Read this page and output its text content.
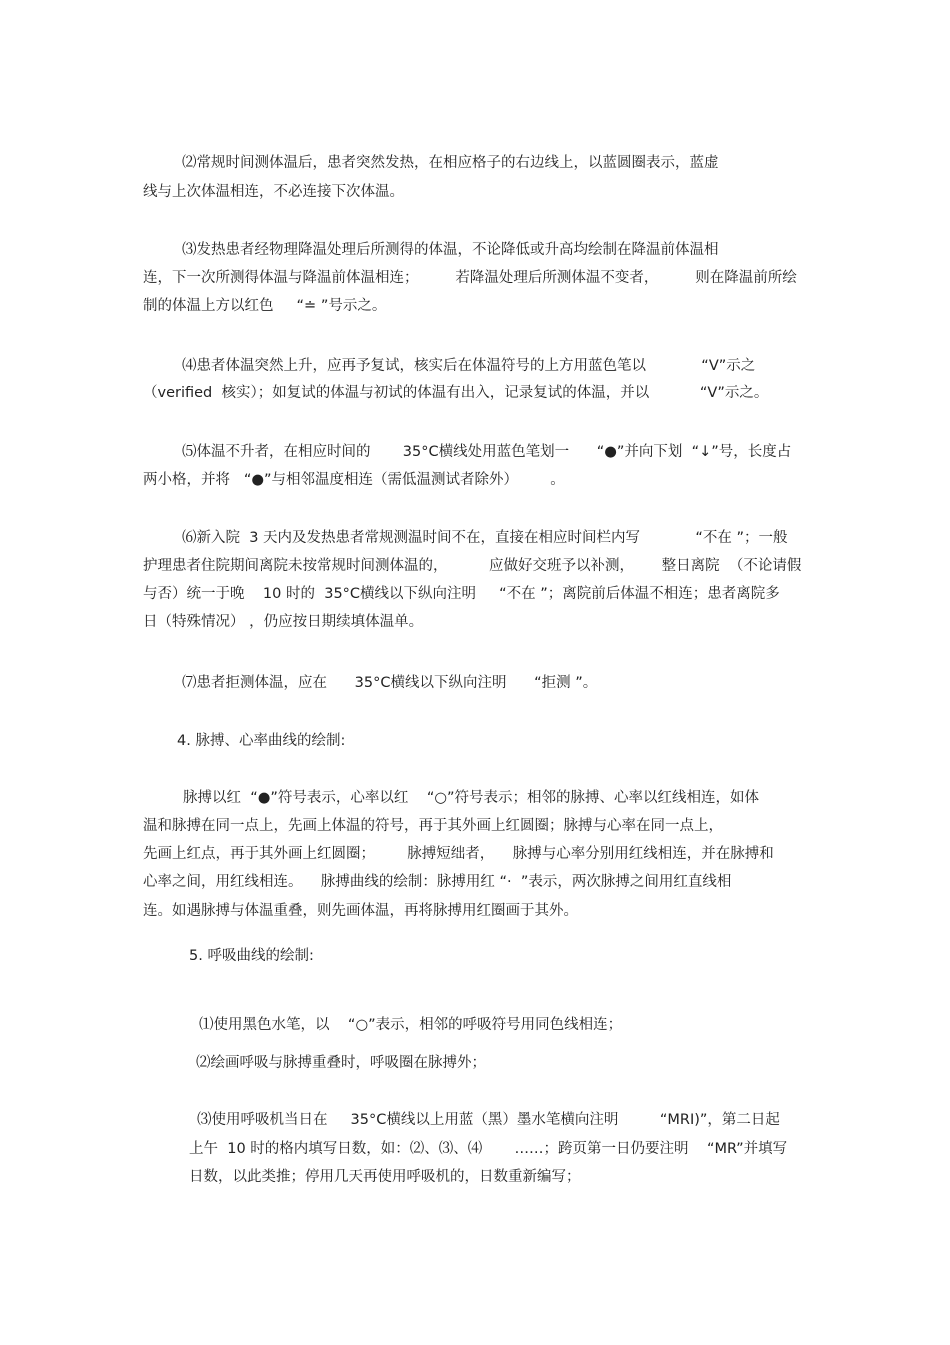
⑵常规时间测体温后，患者突然发热，在相应格子的右边线上，以蓝圆圈表示，蓝虚
线与上次体温相连，不必连接下次体温。
⑶发热患者经物理降温处理后所测得的体温，不论降低或升高均绘制在降温前体温相
连，下一次所测得体温与降温前体温相连；        若降温处理后所测体温不变者，        则在降温前所绘
制的体温上方以红色     “≐ ”号示之。
⑷患者体温突然上升，应再予复试，核实后在体温符号的上方用蓝色笔以            “V”示之
（verified  核实）；如复试的体温与初试的体温有出入，记录复试的体温，并以           “V”示之。
⑸体温不升者，在相应时间的       35°C横线处用蓝色笔划一      “●”并向下划  “↓”号，长度占
两小格，并将   “●”与相邻温度相连（需低温测试者除外）       。
⑹新入院  3 天内及发热患者常规测温时间不在，直接在相应时间栏内写            “不在 ”；一般
护理患者住院期间离院未按常规时间测体温的，         应做好交班予以补测，      整日离院  （不论请假
与否）统一于晚    10 时的  35°C横线以下纵向注明     “不在 ”；离院前后体温不相连；患者离院多
日（特殊情况） ，仍应按日期续填体温单。
⑺患者拒测体温，应在      35°C横线以下纵向注明      “拒测 ”。
4. 脉搏、心率曲线的绘制:
脉搏以红  “●”符号表示，心率以红    “○”符号表示；相邻的脉搏、心率以红线相连，如体
温和脉搏在同一点上，先画上体温的符号，再于其外画上红圆圈；脉搏与心率在同一点上，
先画上红点，再于其外画上红圆圈；       脉搏短绌者，    脉搏与心率分别用红线相连，并在脉搏和
心率之间，用红线相连。    脉搏曲线的绘制：脉搏用红 “·  ”表示，两次脉搏之间用红直线相
连。如遇脉搏与体温重叠，则先画体温，再将脉搏用红圈画于其外。
5. 呼吸曲线的绘制:
⑴使用黑色水笔，以    “○”表示，相邻的呼吸符号用同色线相连；
⑵绘画呼吸与脉搏重叠时，呼吸圈在脉搏外；
⑶使用呼吸机当日在     35°C横线以上用蓝（黑）墨水笔横向注明         “MRI)”，第二日起
上午  10 时的格内填写日数，如：⑵、⑶、⑷       ……；跨页第一日仍要注明    “MR”并填写
日数，以此类推；停用几天再使用呼吸机的，日数重新编写；
